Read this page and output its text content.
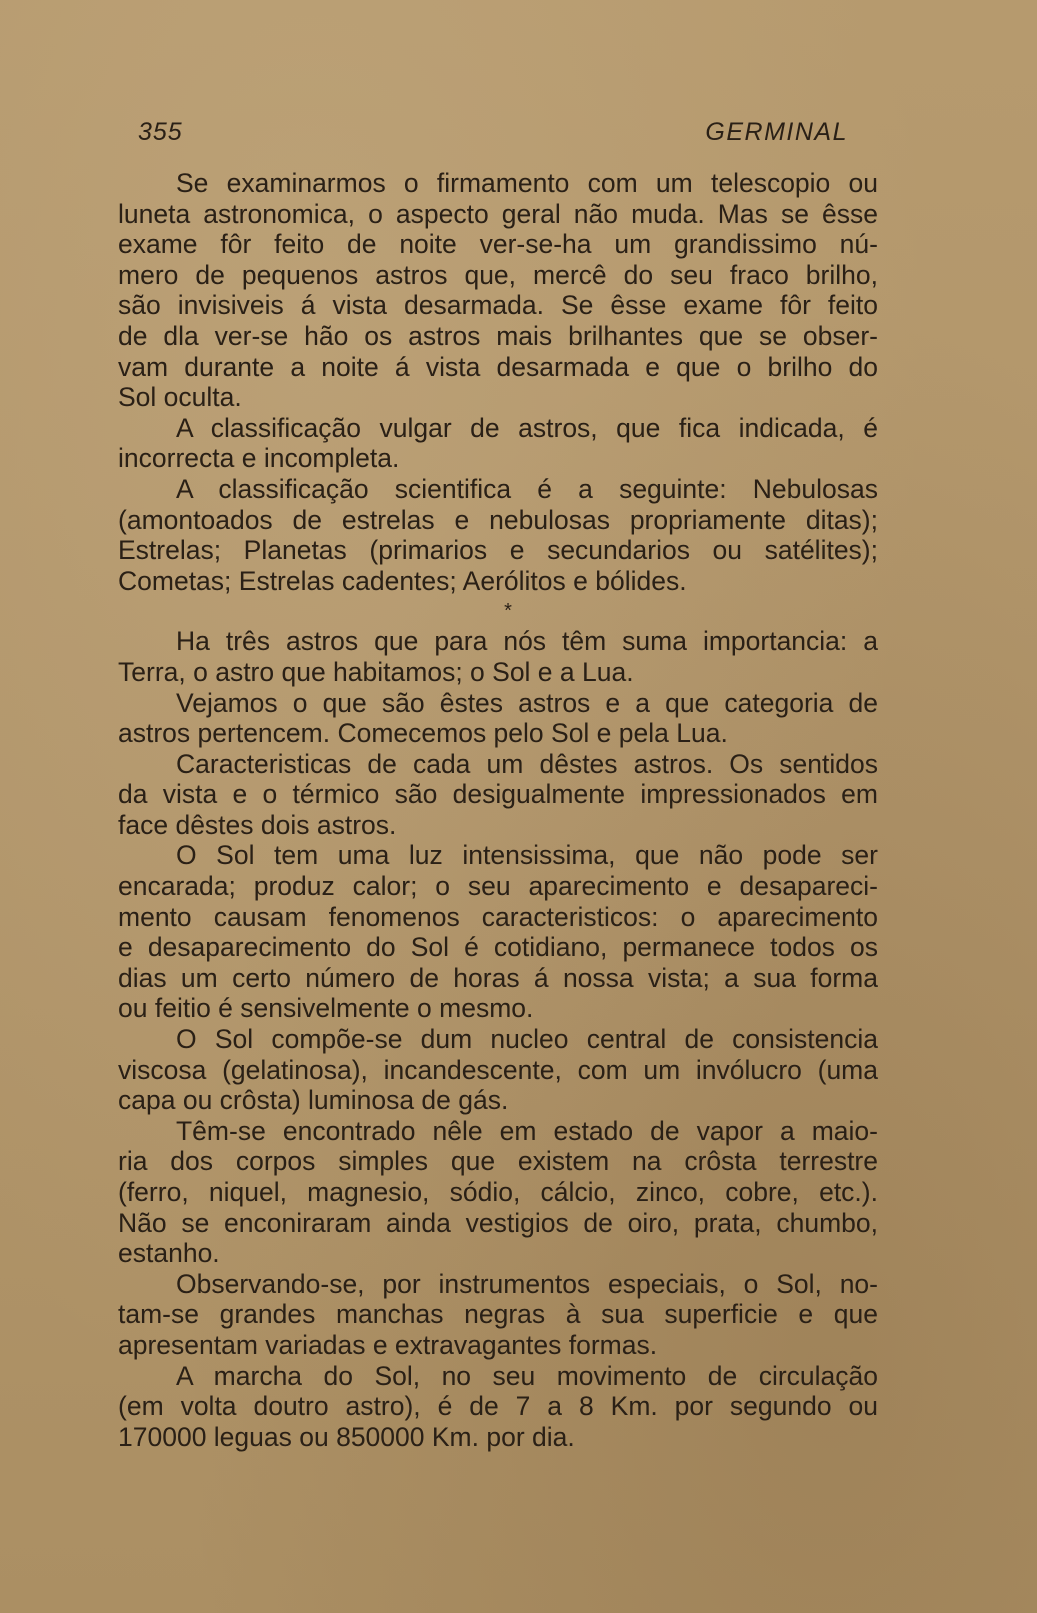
355	GERMINAL
Se examinarmos o firmamento com um telescopio ou
luneta astronomica, o aspecto geral não muda. Mas se êsse
exame fôr feito de noite ver-se-ha um grandissimo nú-
mero de pequenos astros que, mercê do seu fraco brilho,
são invisiveis á vista desarmada. Se êsse exame fôr feito
de dla ver-se hão os astros mais brilhantes que se obser-
vam durante a noite á vista desarmada e que o brilho do
Sol oculta.
A classificação vulgar de astros, que fica indicada, é
incorrecta e incompleta.
A classificação scientifica é a seguinte: Nebulosas
(amontoados de estrelas e nebulosas propriamente ditas);
Estrelas; Planetas (primarios e secundarios ou satélites);
Cometas; Estrelas cadentes; Aerólitos e bólides.
*
Ha três astros que para nós têm suma importancia: a
Terra, o astro que habitamos; o Sol e a Lua.
Vejamos o que são êstes astros e a que categoria de
astros pertencem. Comecemos pelo Sol e pela Lua.
Caracteristicas de cada um dêstes astros. Os sentidos
da vista e o térmico são desigualmente impressionados em
face dêstes dois astros.
O Sol tem uma luz intensissima, que não pode ser
encarada; produz calor; o seu aparecimento e desapareci-
mento causam fenomenos caracteristicos: o aparecimento
e desaparecimento do Sol é cotidiano, permanece todos os
dias um certo número de horas á nossa vista; a sua forma
ou feitio é sensivelmente o mesmo.
O Sol compõe-se dum nucleo central de consistencia
viscosa (gelatinosa), incandescente, com um invólucro (uma
capa ou crôsta) luminosa de gás.
Têm-se encontrado nêle em estado de vapor a maio-
ria dos corpos simples que existem na crôsta terrestre
(ferro, niquel, magnesio, sódio, cálcio, zinco, cobre, etc.).
Não se enconiraram ainda vestigios de oiro, prata, chumbo,
estanho.
Observando-se, por instrumentos especiais, o Sol, no-
tam-se grandes manchas negras à sua superficie e que
apresentam variadas e extravagantes formas.
A marcha do Sol, no seu movimento de circulação
(em volta doutro astro), é de 7 a 8 Km. por segundo ou
170000 leguas ou 850000 Km. por dia.
